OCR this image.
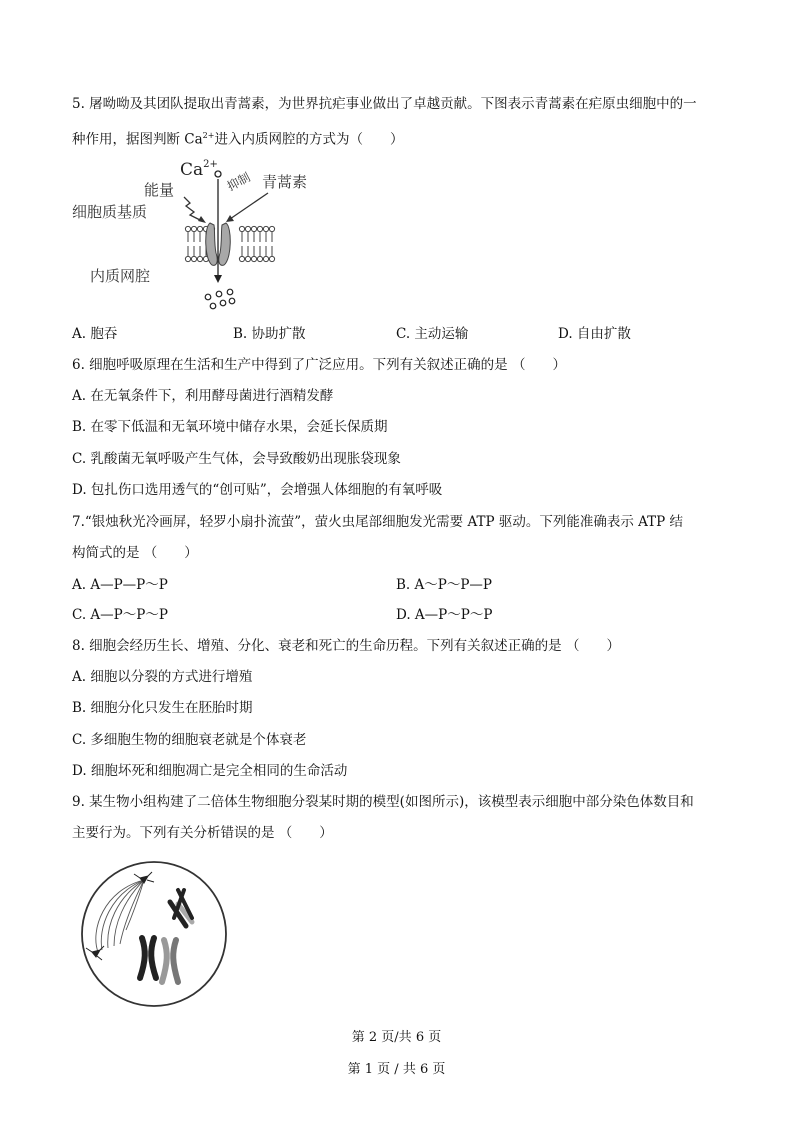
5. 屠呦呦及其团队提取出青蒿素，为世界抗疟事业做出了卓越贡献。下图表示青蒿素在疟原虫细胞中的一
种作用，据图判断 $Ca^{2+}$进入内质网腔的方式为（　　）
$Ca^{2+}$
能量	抑制 青蒿素
细胞质基质
内质网腔
A. 胞吞	B. 协助扩散	C. 主动运输	D. 自由扩散
6. 细胞呼吸原理在生活和生产中得到了广泛应用。下列有关叙述正确的是 （　　）
A. 在无氧条件下，利用酵母菌进行酒精发酵
B. 在零下低温和无氧环境中储存水果，会延长保质期
C. 乳酸菌无氧呼吸产生气体，会导致酸奶出现胀袋现象
D. 包扎伤口选用透气的“创可贴”，会增强人体细胞的有氧呼吸
7.“银烛秋光冷画屏，轻罗小扇扑流萤”，萤火虫尾部细胞发光需要 ATP 驱动。下列能准确表示 ATP 结
构简式的是 （　　）
A. A—P—P～P	B. A～P～P—P
C. A—P～P～P	D. A—P～P～P
8. 细胞会经历生长、增殖、分化、衰老和死亡的生命历程。下列有关叙述正确的是 （　　）
A. 细胞以分裂的方式进行增殖
B. 细胞分化只发生在胚胎时期
C. 多细胞生物的细胞衰老就是个体衰老
D. 细胞坏死和细胞凋亡是完全相同的生命活动
9. 某生物小组构建了二倍体生物细胞分裂某时期的模型(如图所示)，该模型表示细胞中部分染色体数目和
主要行为。下列有关分析错误的是 （　　）
第 2 页/共 6 页
第 1 页 / 共 6 页
